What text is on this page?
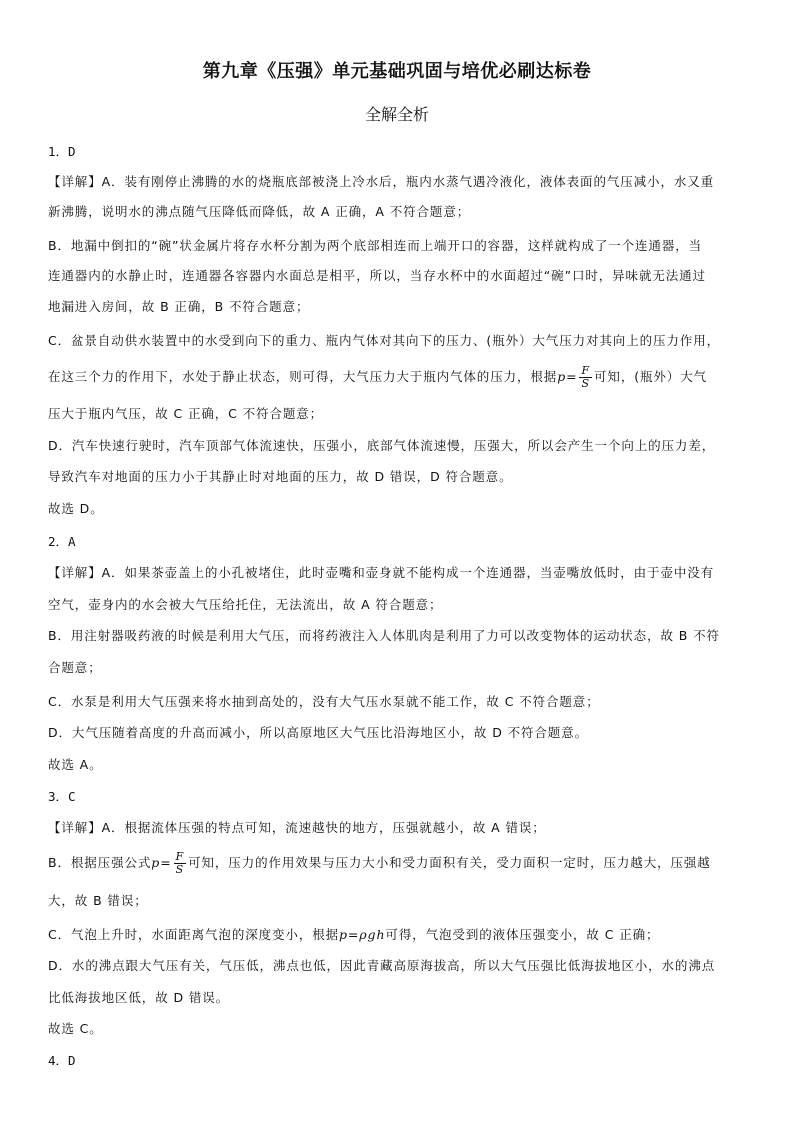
第九章《压强》单元基础巩固与培优必刷达标卷
全解全析
1．D
【详解】A．装有刚停止沸腾的水的烧瓶底部被浇上冷水后，瓶内水蒸气遇冷液化，液体表面的气压减小，水又重
新沸腾，说明水的沸点随气压降低而降低，故 A 正确，A 不符合题意；
B．地漏中倒扣的“碗”状金属片将存水杯分割为两个底部相连而上端开口的容器，这样就构成了一个连通器，当
连通器内的水静止时，连通器各容器内水面总是相平，所以，当存水杯中的水面超过“碗”口时，异味就无法通过
地漏进入房间，故 B 正确，B 不符合题意；
C．盆景自动供水装置中的水受到向下的重力、瓶内气体对其向下的压力、(瓶外）大气压力对其向上的压力作用，
在这三个力的作用下，水处于静止状态，则可得，大气压力大于瓶内气体的压力，根据$p= \frac{F}{S}$ 可知，(瓶外）大气
压大于瓶内气压，故 C 正确，C 不符合题意；
D．汽车快速行驶时，汽车顶部气体流速快，压强小，底部气体流速慢，压强大，所以会产生一个向上的压力差，
导致汽车对地面的压力小于其静止时对地面的压力，故 D 错误，D 符合题意。
故选 D。
2．A
【详解】A．如果茶壶盖上的小孔被堵住，此时壶嘴和壶身就不能构成一个连通器，当壶嘴放低时，由于壶中没有
空气，壶身内的水会被大气压给托住，无法流出，故 A 符合题意；
B．用注射器吸药液的时候是利用大气压，而将药液注入人体肌肉是利用了力可以改变物体的运动状态，故 B 不符
合题意；
C．水泵是利用大气压强来将水抽到高处的，没有大气压水泵就不能工作，故 C 不符合题意；
D．大气压随着高度的升高而减小，所以高原地区大气压比沿海地区小，故 D 不符合题意。
故选 A。
3．C
【详解】A．根据流体压强的特点可知，流速越快的地方，压强就越小，故 A 错误；
B．根据压强公式$p= \frac{F}{S}$ 可知，压力的作用效果与压力大小和受力面积有关，受力面积一定时，压力越大，压强越
大，故 B 错误；
C．气泡上升时，水面距离气泡的深度变小，根据p=ρgh可得，气泡受到的液体压强变小，故 C 正确；
D．水的沸点跟大气压有关，气压低，沸点也低，因此青藏高原海拔高，所以大气压强比低海拔地区小，水的沸点
比低海拔地区低，故 D 错误。
故选 C。
4．D
